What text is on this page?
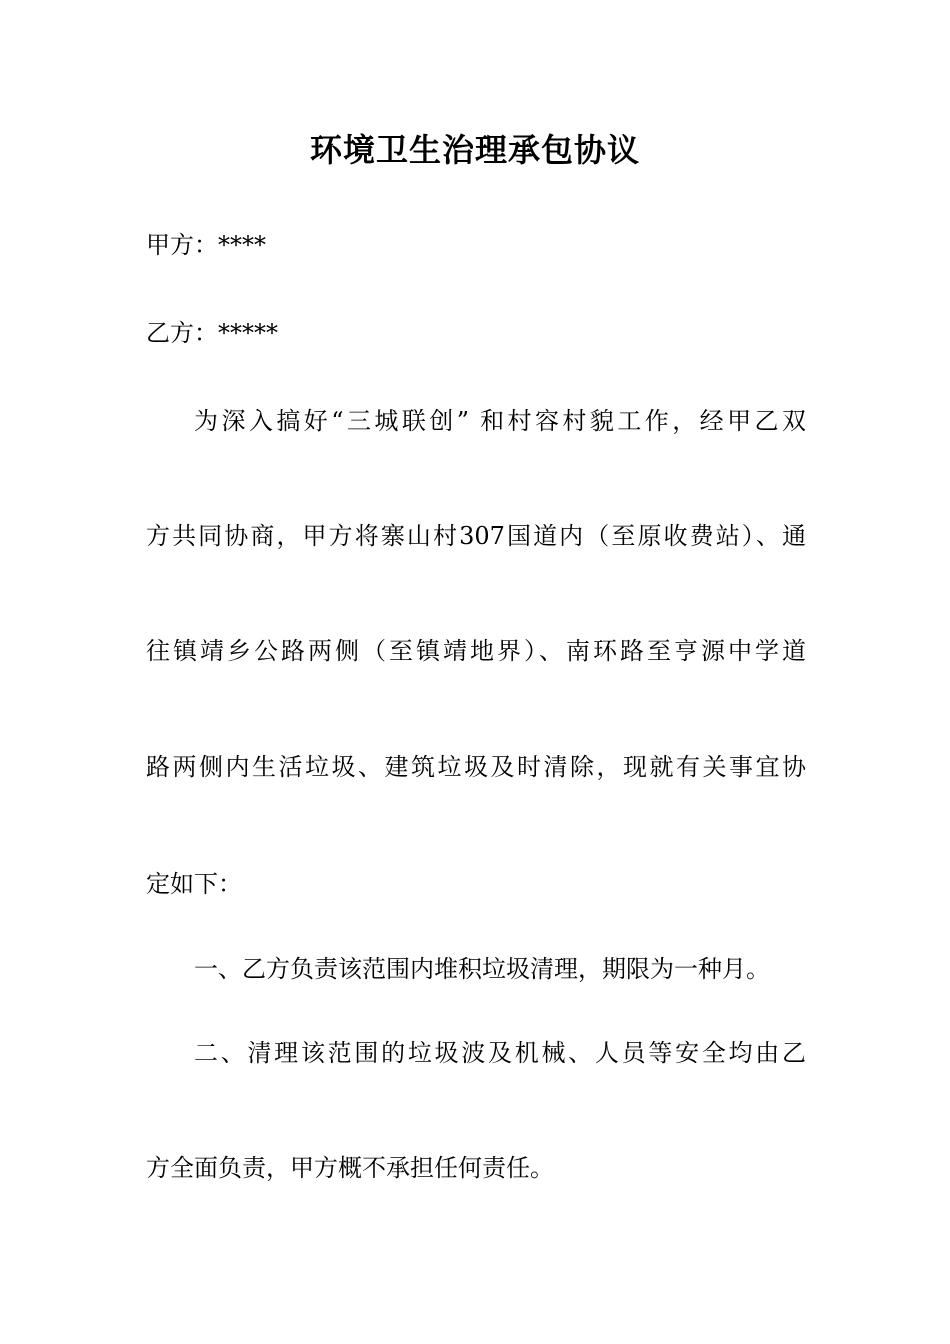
环境卫生治理承包协议
甲方：****
乙方：*****
为深入搞好“三城联创” 和村容村貌工作，经甲乙双
方共同协商，甲方将寨山村307国道内（至原收费站）、通
往镇靖乡公路两侧（至镇靖地界）、南环路至亨源中学道
路两侧内生活垃圾、建筑垃圾及时清除，现就有关事宜协
定如下：
一、乙方负责该范围内堆积垃圾清理，期限为一种月。
二、清理该范围的垃圾波及机械、人员等安全均由乙
方全面负责，甲方概不承担任何责任。
